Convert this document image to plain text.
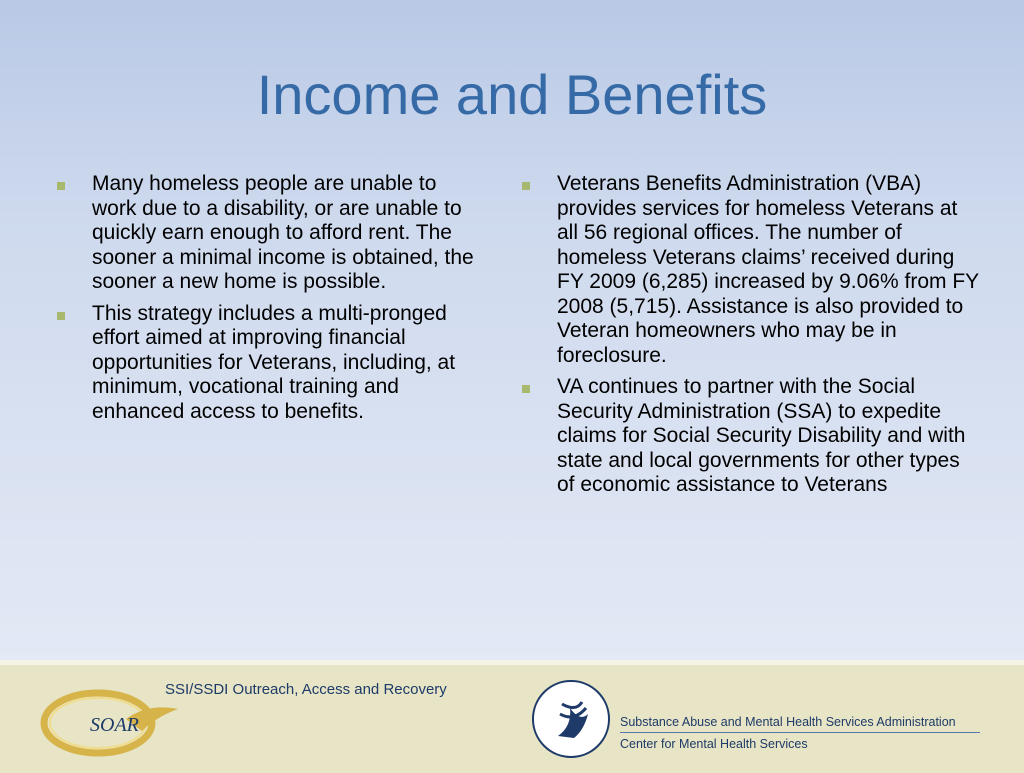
Income and Benefits
Many homeless people are unable to work due to a disability, or are unable to quickly earn enough to afford rent. The sooner a minimal income is obtained, the sooner a new home is possible.
This strategy includes a multi-pronged effort aimed at improving financial opportunities for Veterans, including, at minimum, vocational training and enhanced access to benefits.
Veterans Benefits Administration (VBA) provides services for homeless Veterans at all 56 regional offices. The number of homeless Veterans claims’ received during FY 2009 (6,285) increased by 9.06% from FY 2008 (5,715). Assistance is also provided to Veteran homeowners who may be in foreclosure.
VA continues to partner with the Social Security Administration (SSA) to expedite claims for Social Security Disability and with state and local governments for other types of economic assistance to Veterans
SOAR
SSI/SSDI Outreach, Access and Recovery
Substance Abuse and Mental Health Services Administration
Center for Mental Health Services
